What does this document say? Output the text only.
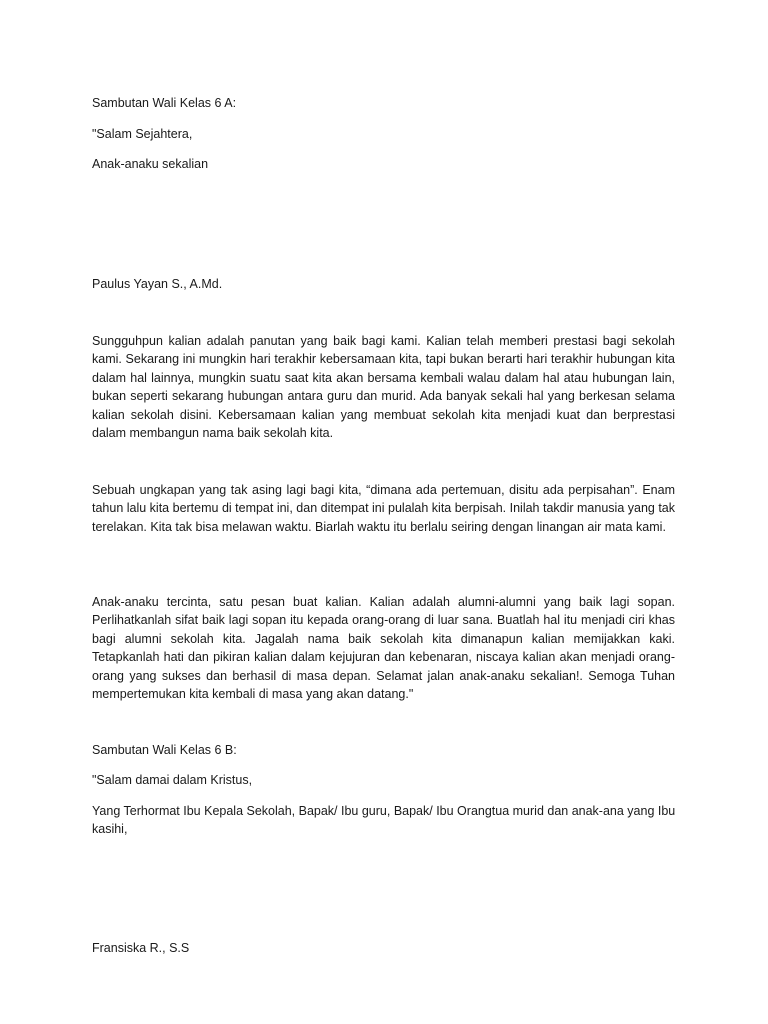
Sambutan Wali Kelas 6 A:

"Salam Sejahtera,

Anak-anaku sekalian

Paulus Yayan S., A.Md.

Sungguhpun kalian adalah panutan yang baik bagi kami. Kalian telah memberi prestasi bagi sekolah kami. Sekarang ini mungkin hari terakhir kebersamaan kita, tapi bukan berarti hari terakhir hubungan kita dalam hal lainnya, mungkin suatu saat kita akan bersama kembali walau dalam hal atau hubungan lain, bukan seperti sekarang hubungan antara guru dan murid. Ada banyak sekali hal yang berkesan selama kalian sekolah disini. Kebersamaan kalian yang membuat sekolah kita menjadi kuat dan berprestasi dalam membangun nama baik sekolah kita.

Sebuah ungkapan yang tak asing lagi bagi kita, “dimana ada pertemuan, disitu ada perpisahan”. Enam tahun lalu kita bertemu di tempat ini, dan ditempat ini pulalah kita berpisah. Inilah takdir manusia yang tak terelakan. Kita tak bisa melawan waktu. Biarlah waktu itu berlalu seiring dengan linangan air mata kami.

Anak-anaku tercinta, satu pesan buat kalian. Kalian adalah alumni-alumni yang baik lagi sopan. Perlihatkanlah sifat baik lagi sopan itu kepada orang-orang di luar sana. Buatlah hal itu menjadi ciri khas bagi alumni sekolah kita. Jagalah nama baik sekolah kita dimanapun kalian memijakkan kaki. Tetapkanlah hati dan pikiran kalian dalam kejujuran dan kebenaran, niscaya kalian akan menjadi orang-orang yang sukses dan berhasil di masa depan. Selamat jalan anak-anaku sekalian!. Semoga Tuhan mempertemukan kita kembali di masa yang akan datang."

Sambutan Wali Kelas 6 B:

"Salam damai dalam Kristus,

Yang Terhormat Ibu Kepala Sekolah, Bapak/ Ibu guru, Bapak/ Ibu Orangtua murid dan anak-ana yang Ibu kasihi,

Fransiska R., S.S
